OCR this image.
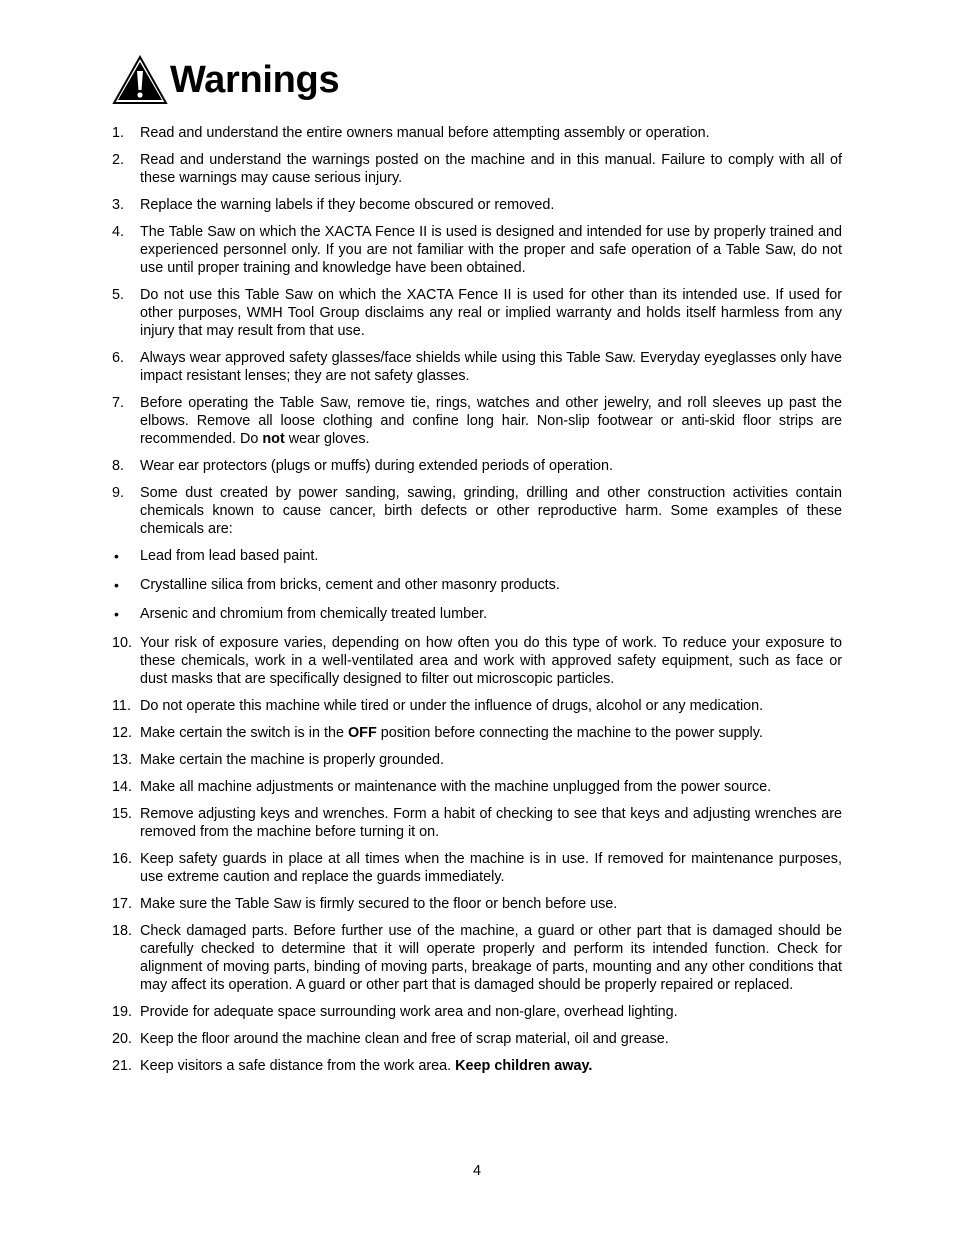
Warnings
1.	Read and understand the entire owners manual before attempting assembly or operation.
2.	Read and understand the warnings posted on the machine and in this manual. Failure to comply with all of these warnings may cause serious injury.
3.	Replace the warning labels if they become obscured or removed.
4.	The Table Saw on which the XACTA Fence II is used is designed and intended for use by properly trained and experienced personnel only. If you are not familiar with the proper and safe operation of a Table Saw, do not use until proper training and knowledge have been obtained.
5.	Do not use this Table Saw on which the XACTA Fence II is used for other than its intended use. If used for other purposes, WMH Tool Group disclaims any real or implied warranty and holds itself harmless from any injury that may result from that use.
6.	Always wear approved safety glasses/face shields while using this Table Saw. Everyday eyeglasses only have impact resistant lenses; they are not safety glasses.
7.	Before operating the Table Saw, remove tie, rings, watches and other jewelry, and roll sleeves up past the elbows. Remove all loose clothing and confine long hair. Non-slip footwear or anti-skid floor strips are recommended. Do not wear gloves.
8.	Wear ear protectors (plugs or muffs) during extended periods of operation.
9.	Some dust created by power sanding, sawing, grinding, drilling and other construction activities contain chemicals known to cause cancer, birth defects or other reproductive harm. Some examples of these chemicals are:
•	Lead from lead based paint.
•	Crystalline silica from bricks, cement and other masonry products.
•	Arsenic and chromium from chemically treated lumber.
10. Your risk of exposure varies, depending on how often you do this type of work. To reduce your exposure to these chemicals, work in a well-ventilated area and work with approved safety equipment, such as face or dust masks that are specifically designed to filter out microscopic particles.
11. Do not operate this machine while tired or under the influence of drugs, alcohol or any medication.
12. Make certain the switch is in the OFF position before connecting the machine to the power supply.
13. Make certain the machine is properly grounded.
14. Make all machine adjustments or maintenance with the machine unplugged from the power source.
15. Remove adjusting keys and wrenches. Form a habit of checking to see that keys and adjusting wrenches are removed from the machine before turning it on.
16. Keep safety guards in place at all times when the machine is in use. If removed for maintenance purposes, use extreme caution and replace the guards immediately.
17. Make sure the Table Saw is firmly secured to the floor or bench before use.
18. Check damaged parts. Before further use of the machine, a guard or other part that is damaged should be carefully checked to determine that it will operate properly and perform its intended function. Check for alignment of moving parts, binding of moving parts, breakage of parts, mounting and any other conditions that may affect its operation. A guard or other part that is damaged should be properly repaired or replaced.
19. Provide for adequate space surrounding work area and non-glare, overhead lighting.
20. Keep the floor around the machine clean and free of scrap material, oil and grease.
21. Keep visitors a safe distance from the work area. Keep children away.
4
